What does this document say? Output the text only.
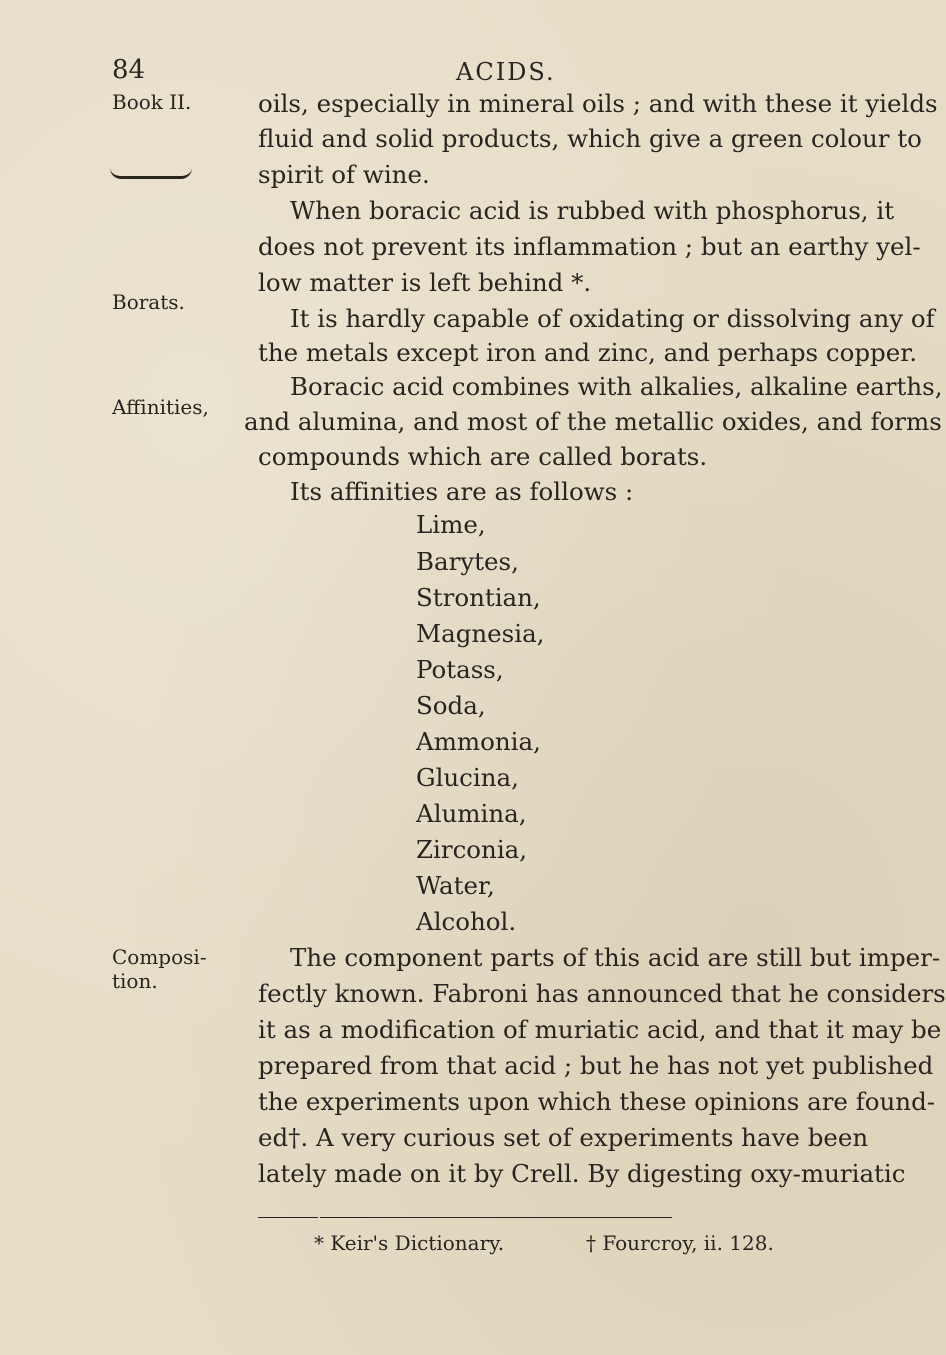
84	ACIDS.
Book II.
Borats.
Affinities,
Composi-
tion.
oils, especially in mineral oils ; and with these it yields
fluid and solid products, which give a green colour to
spirit of wine.
When boracic acid is rubbed with phosphorus, it
does not prevent its inflammation ; but an earthy yel-
low matter is left behind *.
It is hardly capable of oxidating or dissolving any of
the metals except iron and zinc, and perhaps copper.
Boracic acid combines with alkalies, alkaline earths,
and alumina, and most of the metallic oxides, and forms
compounds which are called borats.
Its affinities are as follows :
Lime,
Barytes,
Strontian,
Magnesia,
Potass,
Soda,
Ammonia,
Glucina,
Alumina,
Zirconia,
Water,
Alcohol.
The component parts of this acid are still but imper-
fectly known. Fabroni has announced that he considers
it as a modification of muriatic acid, and that it may be
prepared from that acid ; but he has not yet published
the experiments upon which these opinions are found-
ed†. A very curious set of experiments have been
lately made on it by Crell. By digesting oxy-muriatic
* Keir's Dictionary.	† Fourcroy, ii. 128.
